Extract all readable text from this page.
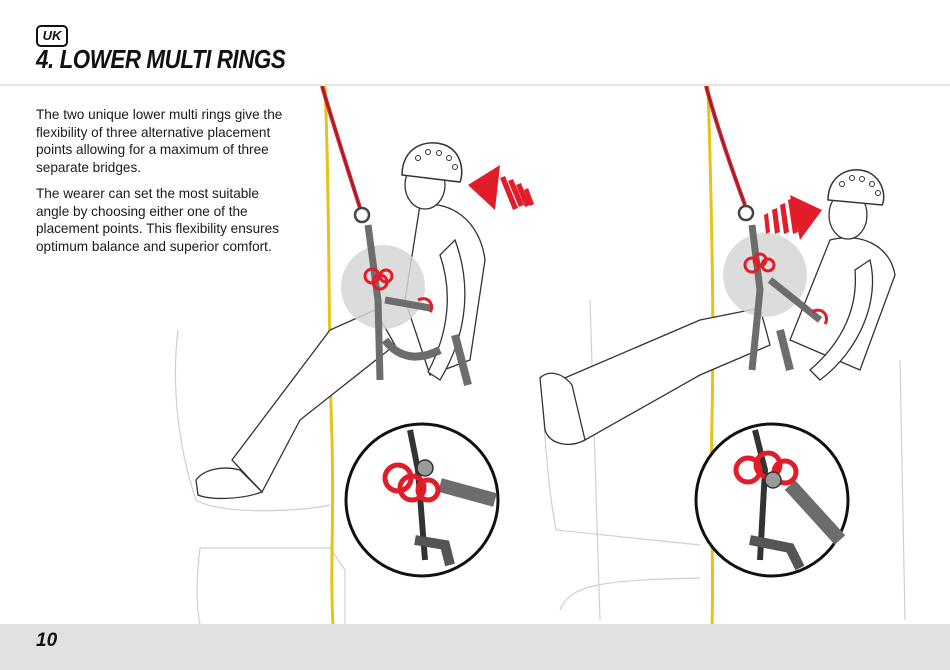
UK
4. LOWER MULTI RINGS

The two unique lower multi rings give the flexibility of three alternative placement points allowing for a maximum of three separate bridges.

The wearer can set the most suitable angle by choosing either one of the placement points. This flexibility ensures optimum balance and superior comfort.

10
